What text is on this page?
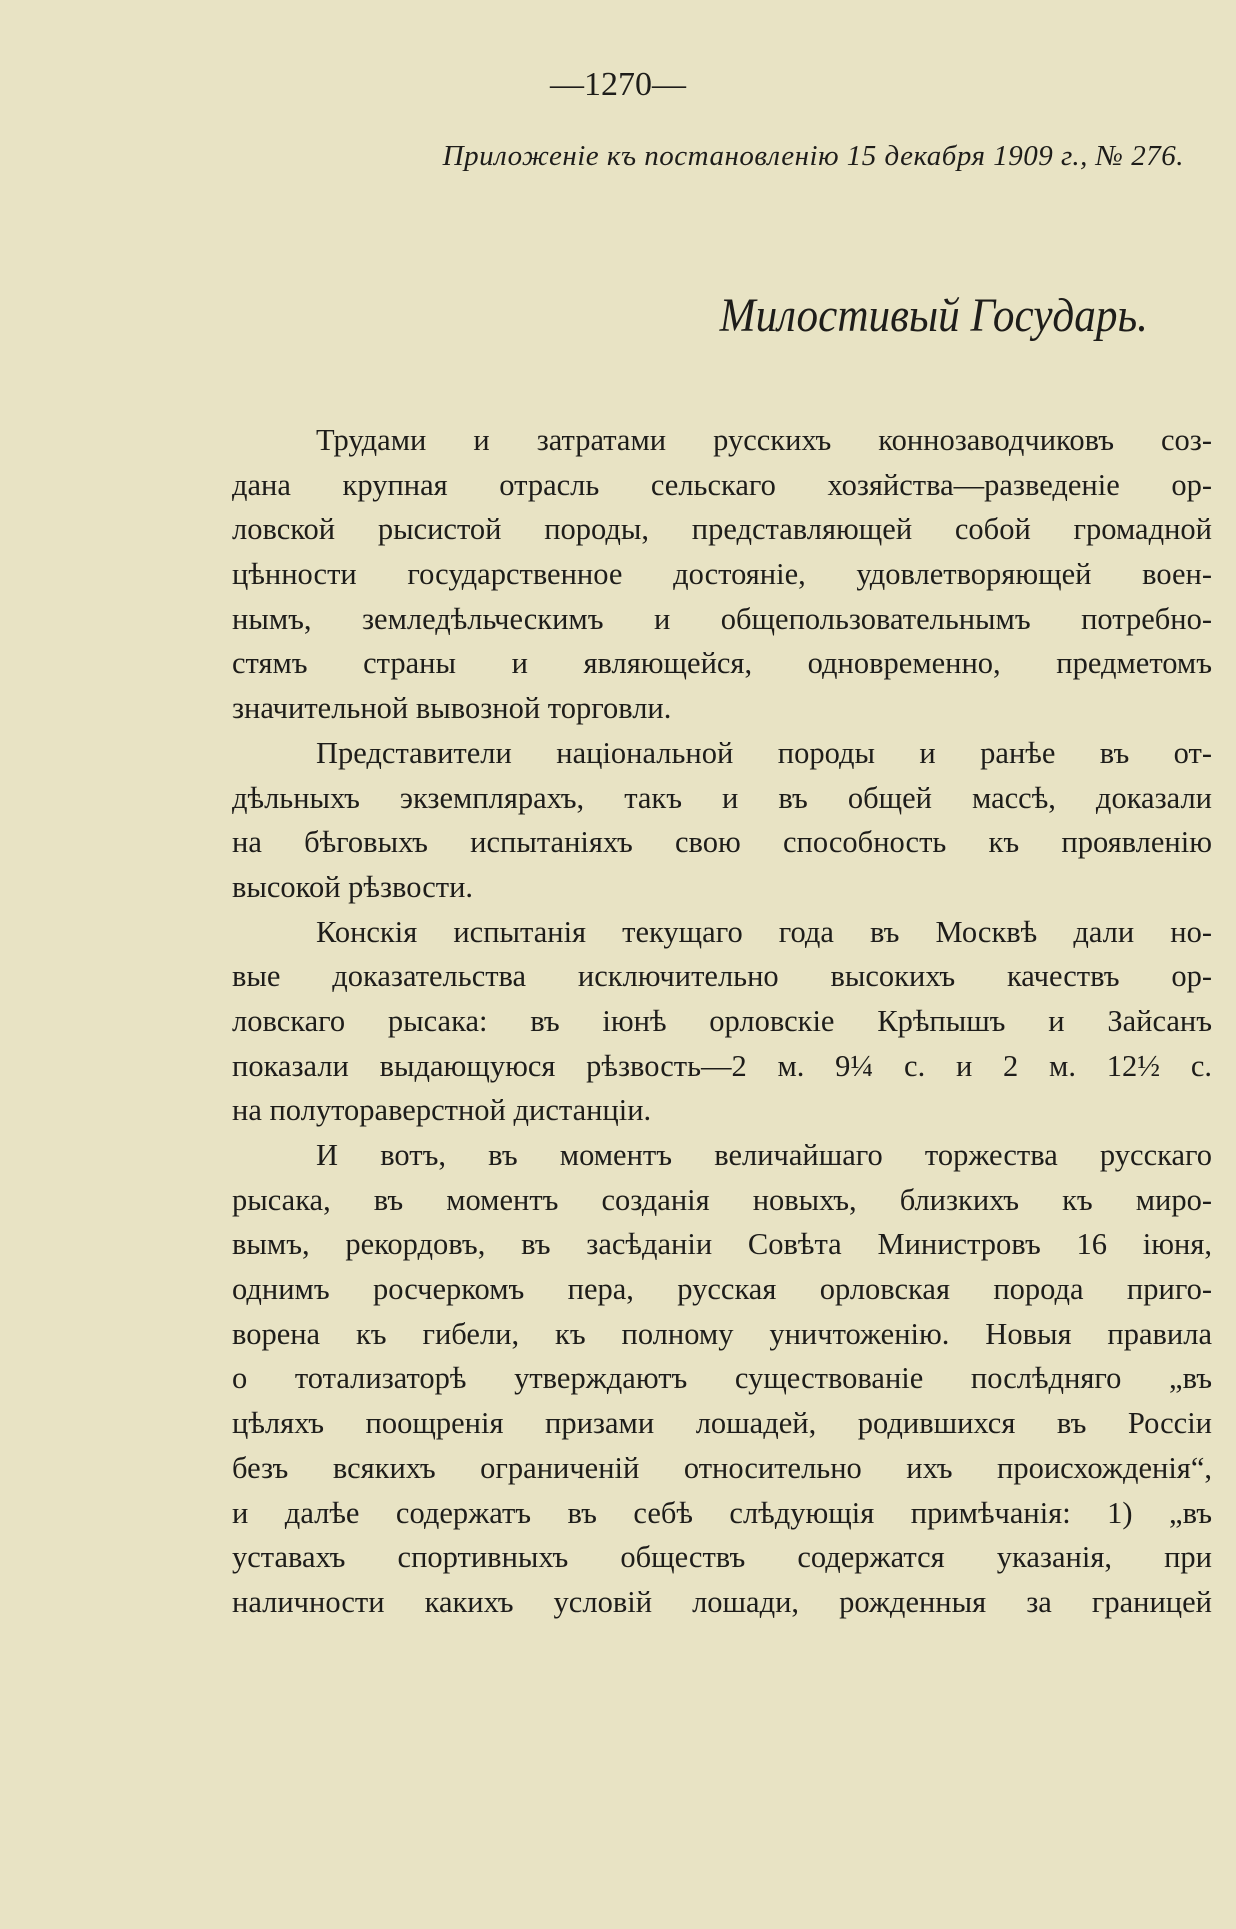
—1270—
Приложенiе къ постановленiю 15 декабря 1909 г., № 276.
Милостивый Государь.
Трудами и затратами русскихъ коннозаводчиковъ соз-
дана крупная отрасль сельскаго хозяйства—разведенiе ор-
ловской рысистой породы, представляющей собой громадной
цѣнности государственное достоянiе, удовлетворяющей воен-
нымъ, земледѣльческимъ и общепользовательнымъ потребно-
стямъ страны и являющейся, одновременно, предметомъ
значительной вывозной торговли.
Представители нацiональной породы и ранѣе въ от-
дѣльныхъ экземплярахъ, такъ и въ общей массѣ, доказали
на бѣговыхъ испытанiяхъ свою способность къ проявленiю
высокой рѣзвости.
Конскiя испытанiя текущаго года въ Москвѣ дали но-
вые доказательства исключительно высокихъ качествъ ор-
ловскаго рысака: въ iюнѣ орловскiе Крѣпышъ и Зайсанъ
показали выдающуюся рѣзвость—2 м. 9¼ с. и 2 м. 12½ с.
на полутораверстной дистанцiи.
И вотъ, въ моментъ величайшаго торжества русскаго
рысака, въ моментъ созданiя новыхъ, близкихъ къ миро-
вымъ, рекордовъ, въ засѣданiи Совѣта Министровъ 16 iюня,
однимъ росчеркомъ пера, русская орловская порода приго-
ворена къ гибели, къ полному уничтоженiю. Новыя правила
о тотализаторѣ утверждаютъ существованiе послѣдняго „въ
цѣляхъ поощренiя призами лошадей, родившихся въ Россiи
безъ всякихъ ограниченiй относительно ихъ происхожденiя“,
и далѣе содержатъ въ себѣ слѣдующiя примѣчанiя: 1) „въ
уставахъ спортивныхъ обществъ содержатся указанiя, при
наличности какихъ условiй лошади, рожденныя за границей
